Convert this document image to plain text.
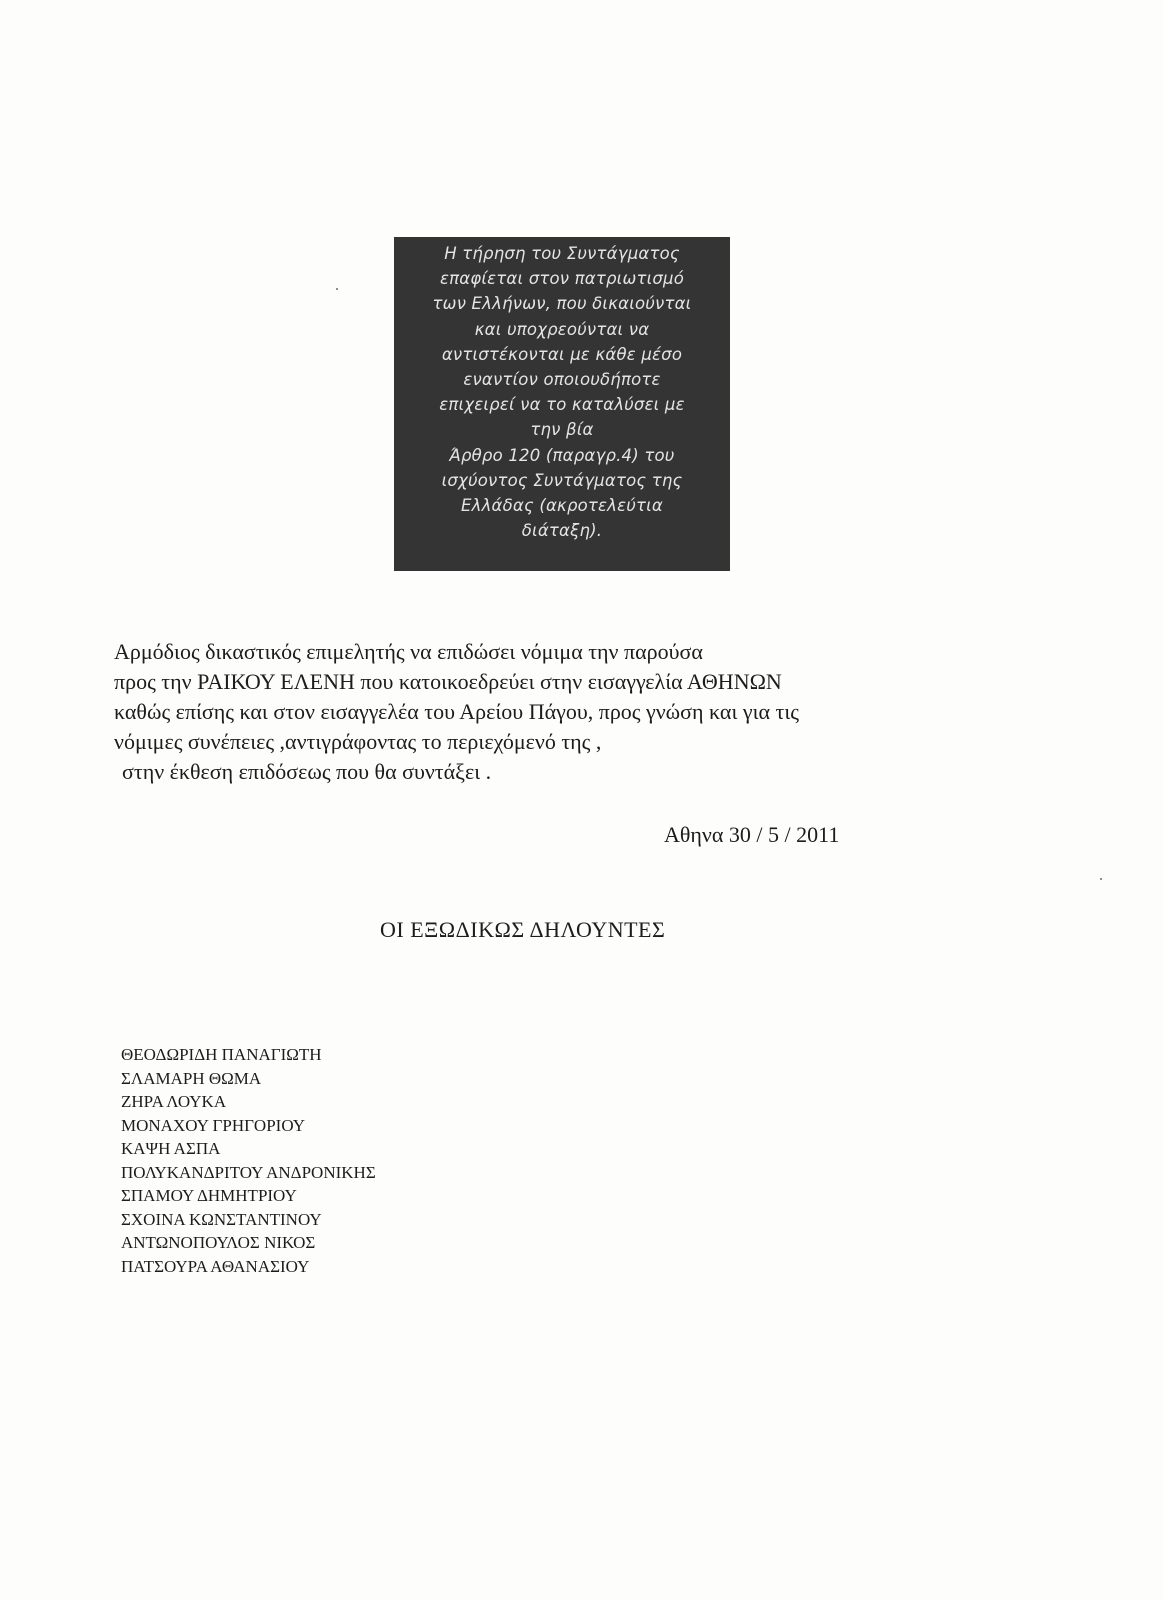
Η τήρηση του Συντάγματος
επαφίεται στον πατριωτισμό
των Ελλήνων, που δικαιούνται
και υποχρεούνται να
αντιστέκονται με κάθε μέσο
εναντίον οποιουδήποτε
επιχειρεί να το καταλύσει με
την βία
Άρθρο 120 (παραγρ.4) του
ισχύοντος Συντάγματος της
Ελλάδας (ακροτελεύτια
διάταξη).
Αρμόδιος δικαστικός επιμελητής να επιδώσει νόμιμα την παρούσα
προς την ΡΑΙΚΟΥ ΕΛΕΝΗ που κατοικοεδρεύει στην εισαγγελία ΑΘΗΝΩΝ
καθώς επίσης και στον εισαγγελέα του Αρείου Πάγου, προς γνώση και για τις
νόμιμες συνέπειες ,αντιγράφοντας το περιεχόμενό της ,
στην έκθεση επιδόσεως που θα συντάξει .
Αθηνα 30 / 5 / 2011
ΟΙ ΕΞΩΔΙΚΩΣ ΔΗΛΟΥΝΤΕΣ
ΘΕΟΔΩΡΙΔΗ ΠΑΝΑΓΙΩΤΗ
ΣΛΑΜΑΡΗ ΘΩΜΑ
ΖΗΡΑ ΛΟΥΚΑ
ΜΟΝΑΧΟΥ ΓΡΗΓΟΡΙΟΥ
ΚΑΨΗ ΑΣΠΑ
ΠΟΛΥΚΑΝΔΡΙΤΟΥ ΑΝΔΡΟΝΙΚΗΣ
ΣΠΑΜΟΥ ΔΗΜΗΤΡΙΟΥ
ΣΧΟΙΝΑ ΚΩΝΣΤΑΝΤΙΝΟΥ
ΑΝΤΩΝΟΠΟΥΛΟΣ ΝΙΚΟΣ
ΠΑΤΣΟΥΡΑ ΑΘΑΝΑΣΙΟΥ
